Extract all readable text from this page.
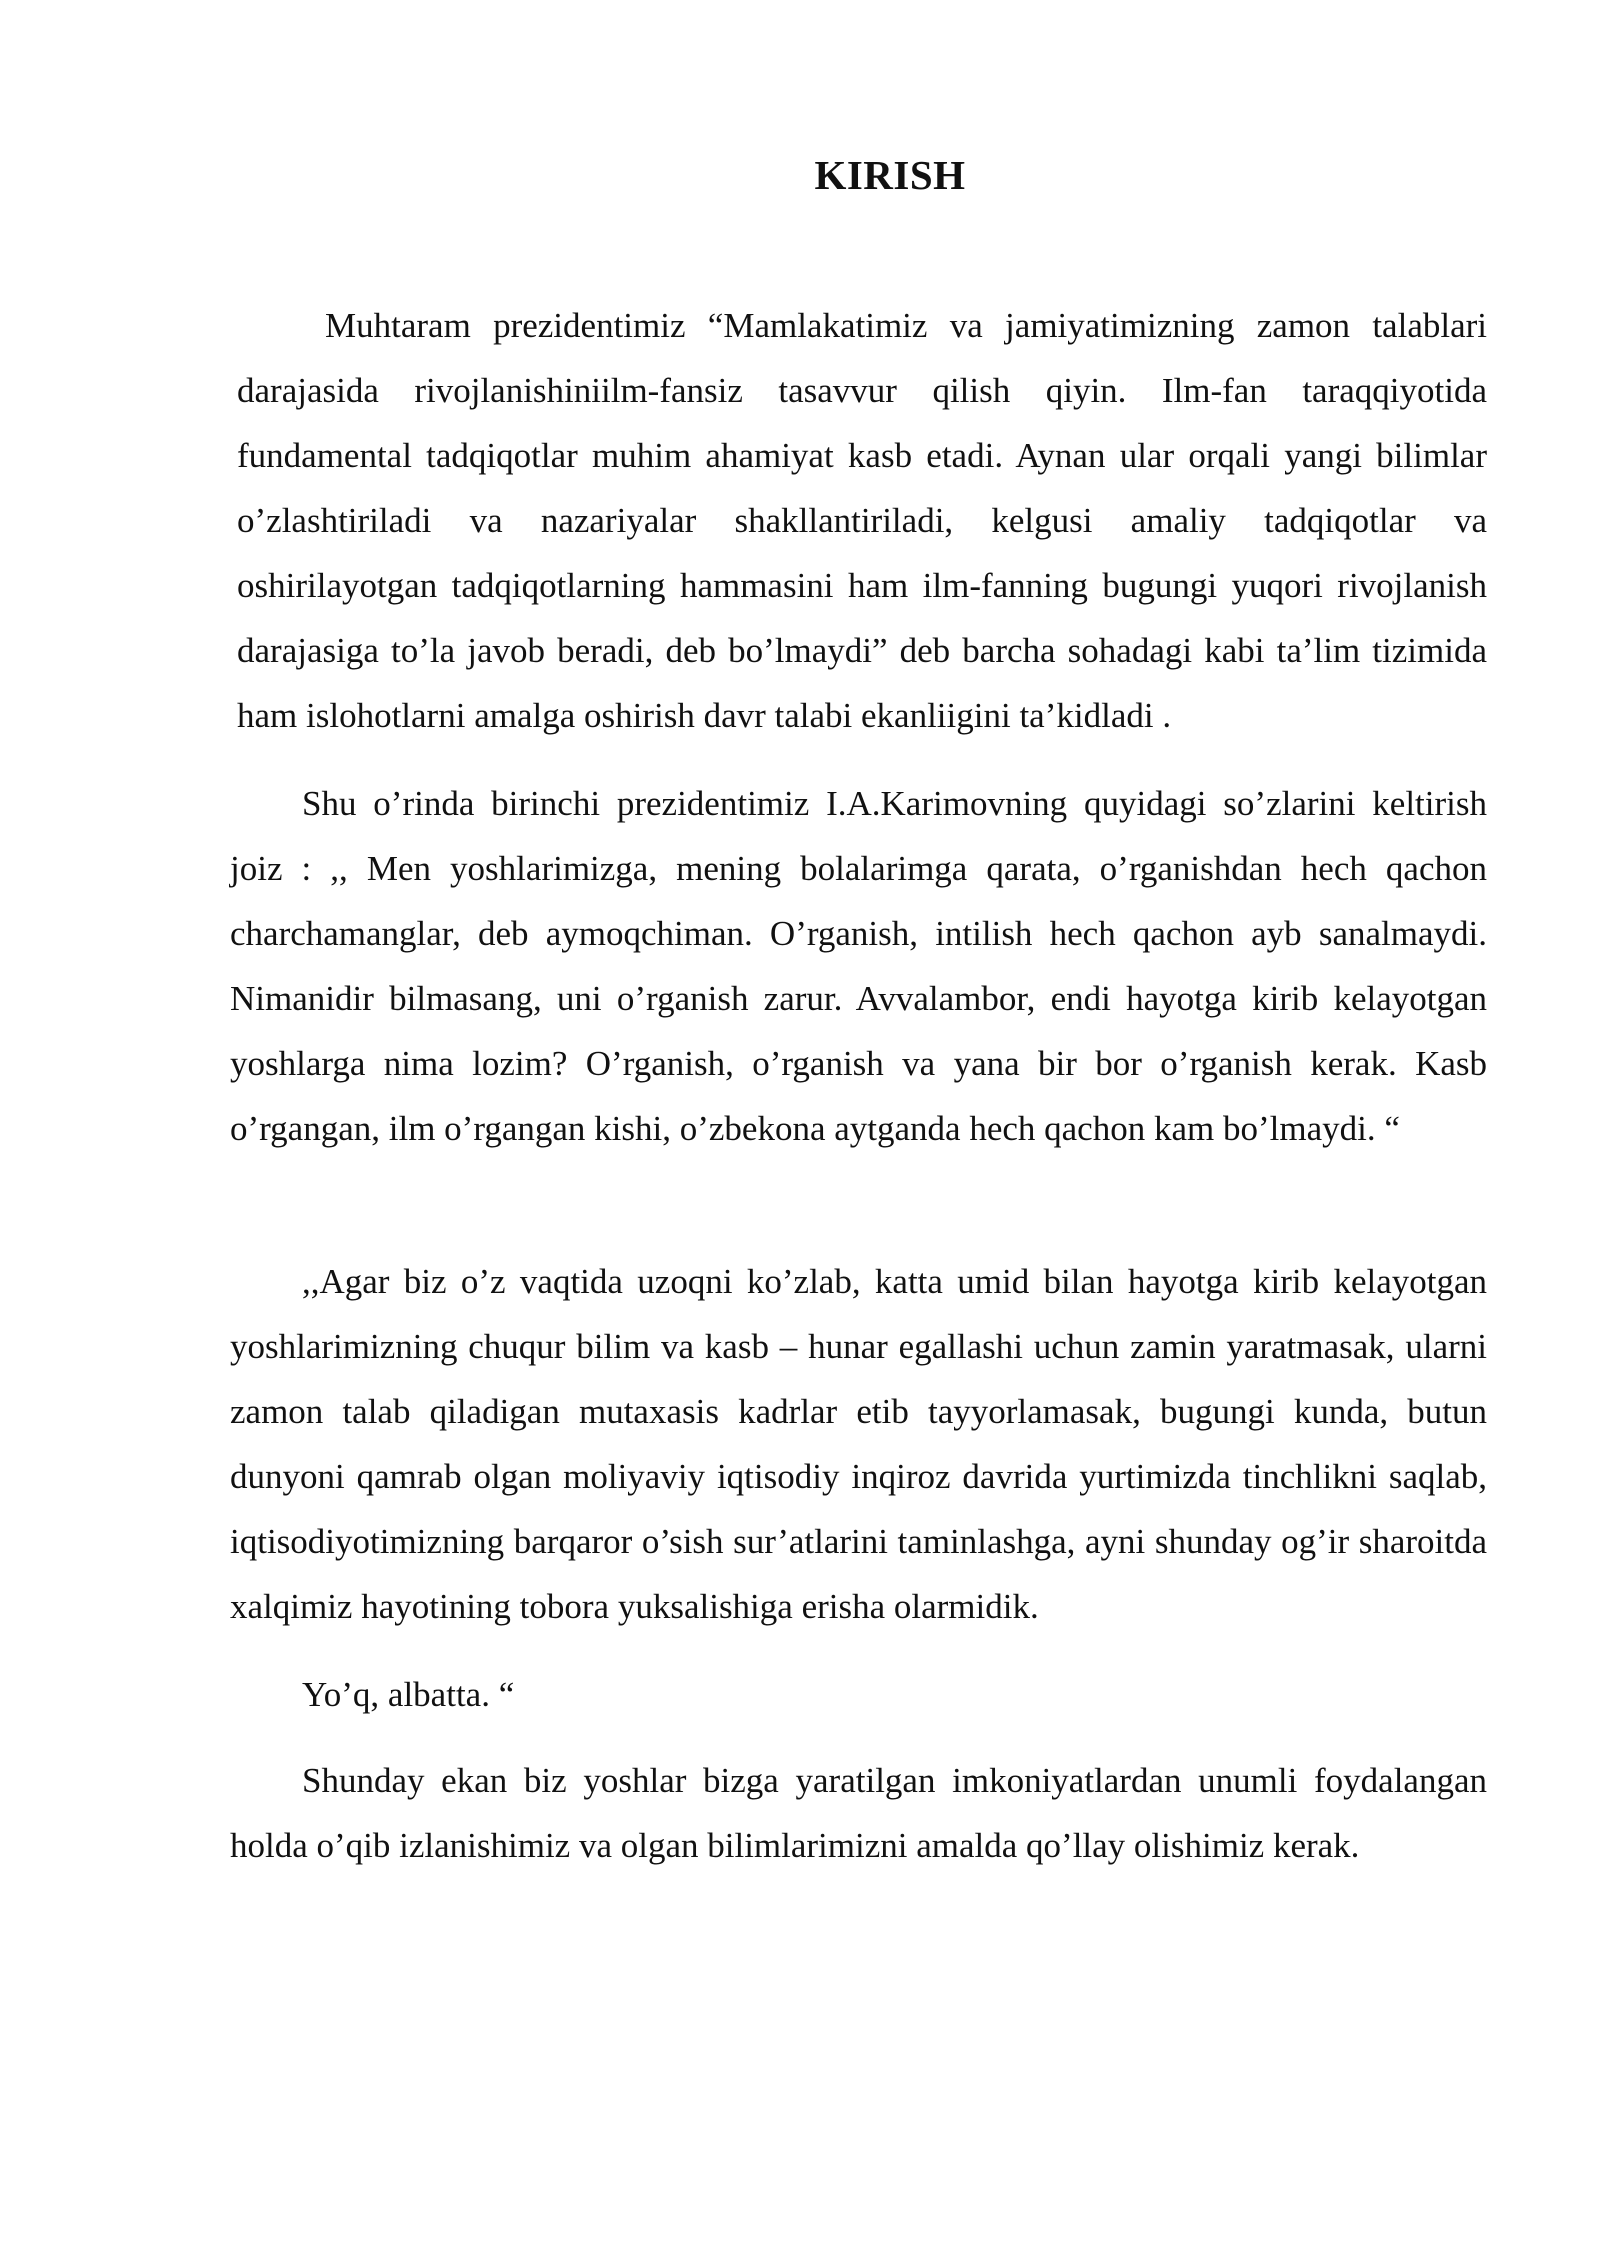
KIRISH

Muhtaram prezidentimiz “Mamlakatimiz va jamiyatimizning zamon talablari darajasida rivojlanishiniilm-fansiz tasavvur qilish qiyin. Ilm-fan taraqqiyotida fundamental tadqiqotlar muhim ahamiyat kasb etadi. Aynan ular orqali yangi bilimlar o’zlashtiriladi va nazariyalar shakllantiriladi, kelgusi amaliy tadqiqotlar va oshirilayotgan tadqiqotlarning hammasini ham ilm-fanning bugungi yuqori rivojlanish darajasiga to’la javob beradi, deb bo’lmaydi” deb barcha sohadagi kabi ta’lim tizimida ham islohotlarni amalga oshirish davr talabi ekanliigini ta’kidladi .

Shu o’rinda birinchi prezidentimiz I.A.Karimovning quyidagi so’zlarini keltirish joiz : ,, Men yoshlarimizga, mening bolalarimga qarata, o’rganishdan hech qachon charchamanglar, deb aymoqchiman. O’rganish, intilish hech qachon ayb sanalmaydi. Nimanidir bilmasang, uni o’rganish zarur. Avvalambor, endi hayotga kirib kelayotgan yoshlarga nima lozim? O’rganish, o’rganish va yana bir bor o’rganish kerak. Kasb o’rgangan, ilm o’rgangan kishi, o’zbekona aytganda hech qachon kam bo’lmaydi. “

,,Agar biz o’z vaqtida uzoqni ko’zlab, katta umid bilan hayotga kirib kelayotgan yoshlarimizning chuqur bilim va kasb – hunar egallashi uchun zamin yaratmasak, ularni zamon talab qiladigan mutaxasis kadrlar etib tayyorlamasak, bugungi kunda, butun dunyoni qamrab olgan moliyaviy iqtisodiy inqiroz davrida yurtimizda tinchlikni saqlab, iqtisodiyotimizning barqaror o’sish sur’atlarini taminlashga, ayni shunday og’ir sharoitda xalqimiz hayotining tobora yuksalishiga erisha olarmidik.

Yo’q, albatta. “

Shunday ekan biz yoshlar bizga yaratilgan imkoniyatlardan unumli foydalangan holda o’qib izlanishimiz va olgan bilimlarimizni amalda qo’llay olishimiz kerak.
